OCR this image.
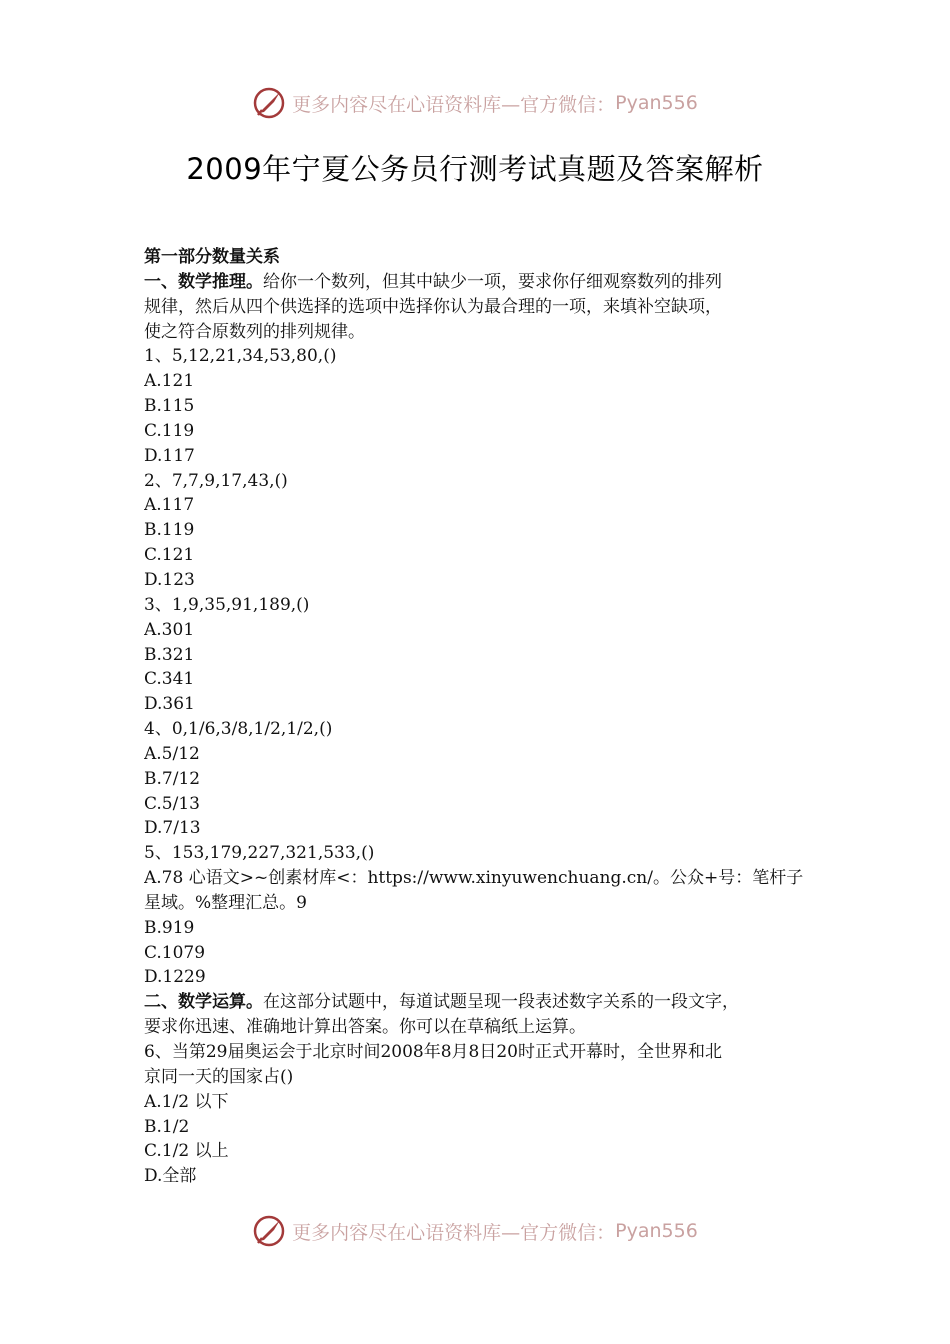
更多内容尽在心语资料库—官方微信： Pyan556
2009年宁夏公务员行测考试真题及答案解析
第一部分数量关系
一、数学推理。给你一个数列，但其中缺少一项，要求你仔细观察数列的排列
规律，然后从四个供选择的选项中选择你认为最合理的一项，来填补空缺项，
使之符合原数列的排列规律。
1、5,12,21,34,53,80,()
A.121
B.115
C.119
D.117
2、7,7,9,17,43,()
A.117
B.119
C.121
D.123
3、1,9,35,91,189,()
A.301
B.321
C.341
D.361
4、0,1/6,3/8,1/2,1/2,()
A.5/12
B.7/12
C.5/13
D.7/13
5、153,179,227,321,533,()
A.78 心语文>~创素材库<：https://www.xinyuwenchuang.cn/。公众+号：笔杆子
星域。%整理汇总。9
B.919
C.1079
D.1229
二、数学运算。在这部分试题中，每道试题呈现一段表述数字关系的一段文字，
要求你迅速、准确地计算出答案。你可以在草稿纸上运算。
6、当第29届奥运会于北京时间2008年8月8日20时正式开幕时，全世界和北
京同一天的国家占()
A.1/2 以下
B.1/2
C.1/2 以上
D.全部
更多内容尽在心语资料库—官方微信： Pyan556
